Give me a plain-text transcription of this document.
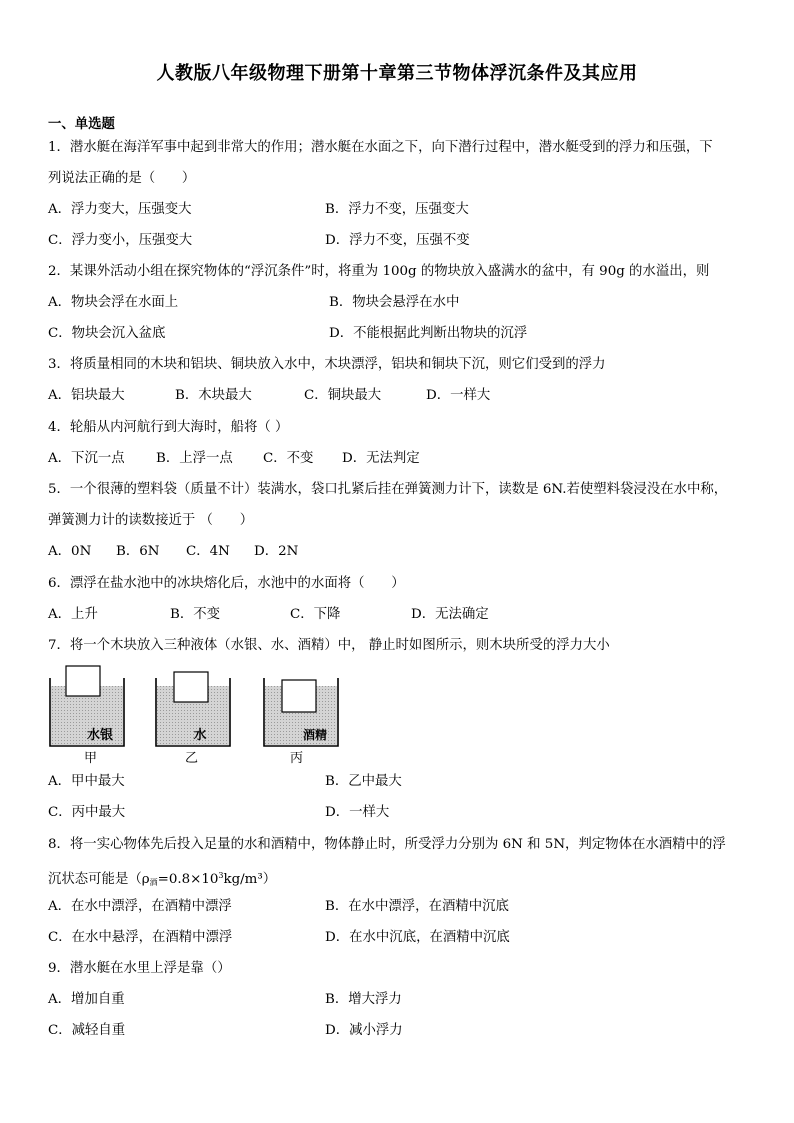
人教版八年级物理下册第十章第三节物体浮沉条件及其应用
一、单选题
1．潜水艇在海洋军事中起到非常大的作用；潜水艇在水面之下，向下潜行过程中，潜水艇受到的浮力和压强，下
列说法正确的是（　　）
A．浮力变大，压强变大	B．浮力不变，压强变大
C．浮力变小，压强变大	D．浮力不变，压强不变
2．某课外活动小组在探究物体的“浮沉条件”时，将重为 100g 的物块放入盛满水的盆中，有 90g 的水溢出，则
A．物块会浮在水面上	B．物块会悬浮在水中
C．物块会沉入盆底	D．不能根据此判断出物块的沉浮
3．将质量相同的木块和铝块、铜块放入水中，木块漂浮，铝块和铜块下沉，则它们受到的浮力
A．铝块最大	B．木块最大	C．铜块最大	D．一样大
4．轮船从内河航行到大海时，船将（ ）
A．下沉一点 B．上浮一点 C．不变 D．无法判定
5．一个很薄的塑料袋（质量不计）装满水，袋口扎紧后挂在弹簧测力计下，读数是 6N.若使塑料袋浸没在水中称，
弹簧测力计的读数接近于 （　　）
A．0N B．6N C．4N D．2N
6．漂浮在盐水池中的冰块熔化后，水池中的水面将（　　）
A．上升	B．不变	C．下降	D．无法确定
7．将一个木块放入三种液体（水银、水、酒精）中， 静止时如图所示，则木块所受的浮力大小
水银	水	酒精
甲	乙	丙
A．甲中最大	B．乙中最大
C．丙中最大	D．一样大
8．将一实心物体先后投入足量的水和酒精中，物体静止时，所受浮力分别为 6N 和 5N，判定物体在水酒精中的浮
沉状态可能是$(\rho_酒=0.8\times 10^3kg/m^3)$
A．在水中漂浮，在酒精中漂浮	B．在水中漂浮，在酒精中沉底
C．在水中悬浮，在酒精中漂浮	D．在水中沉底，在酒精中沉底
9．潜水艇在水里上浮是靠（）
A．增加自重	B．增大浮力
C．减轻自重	D．减小浮力
